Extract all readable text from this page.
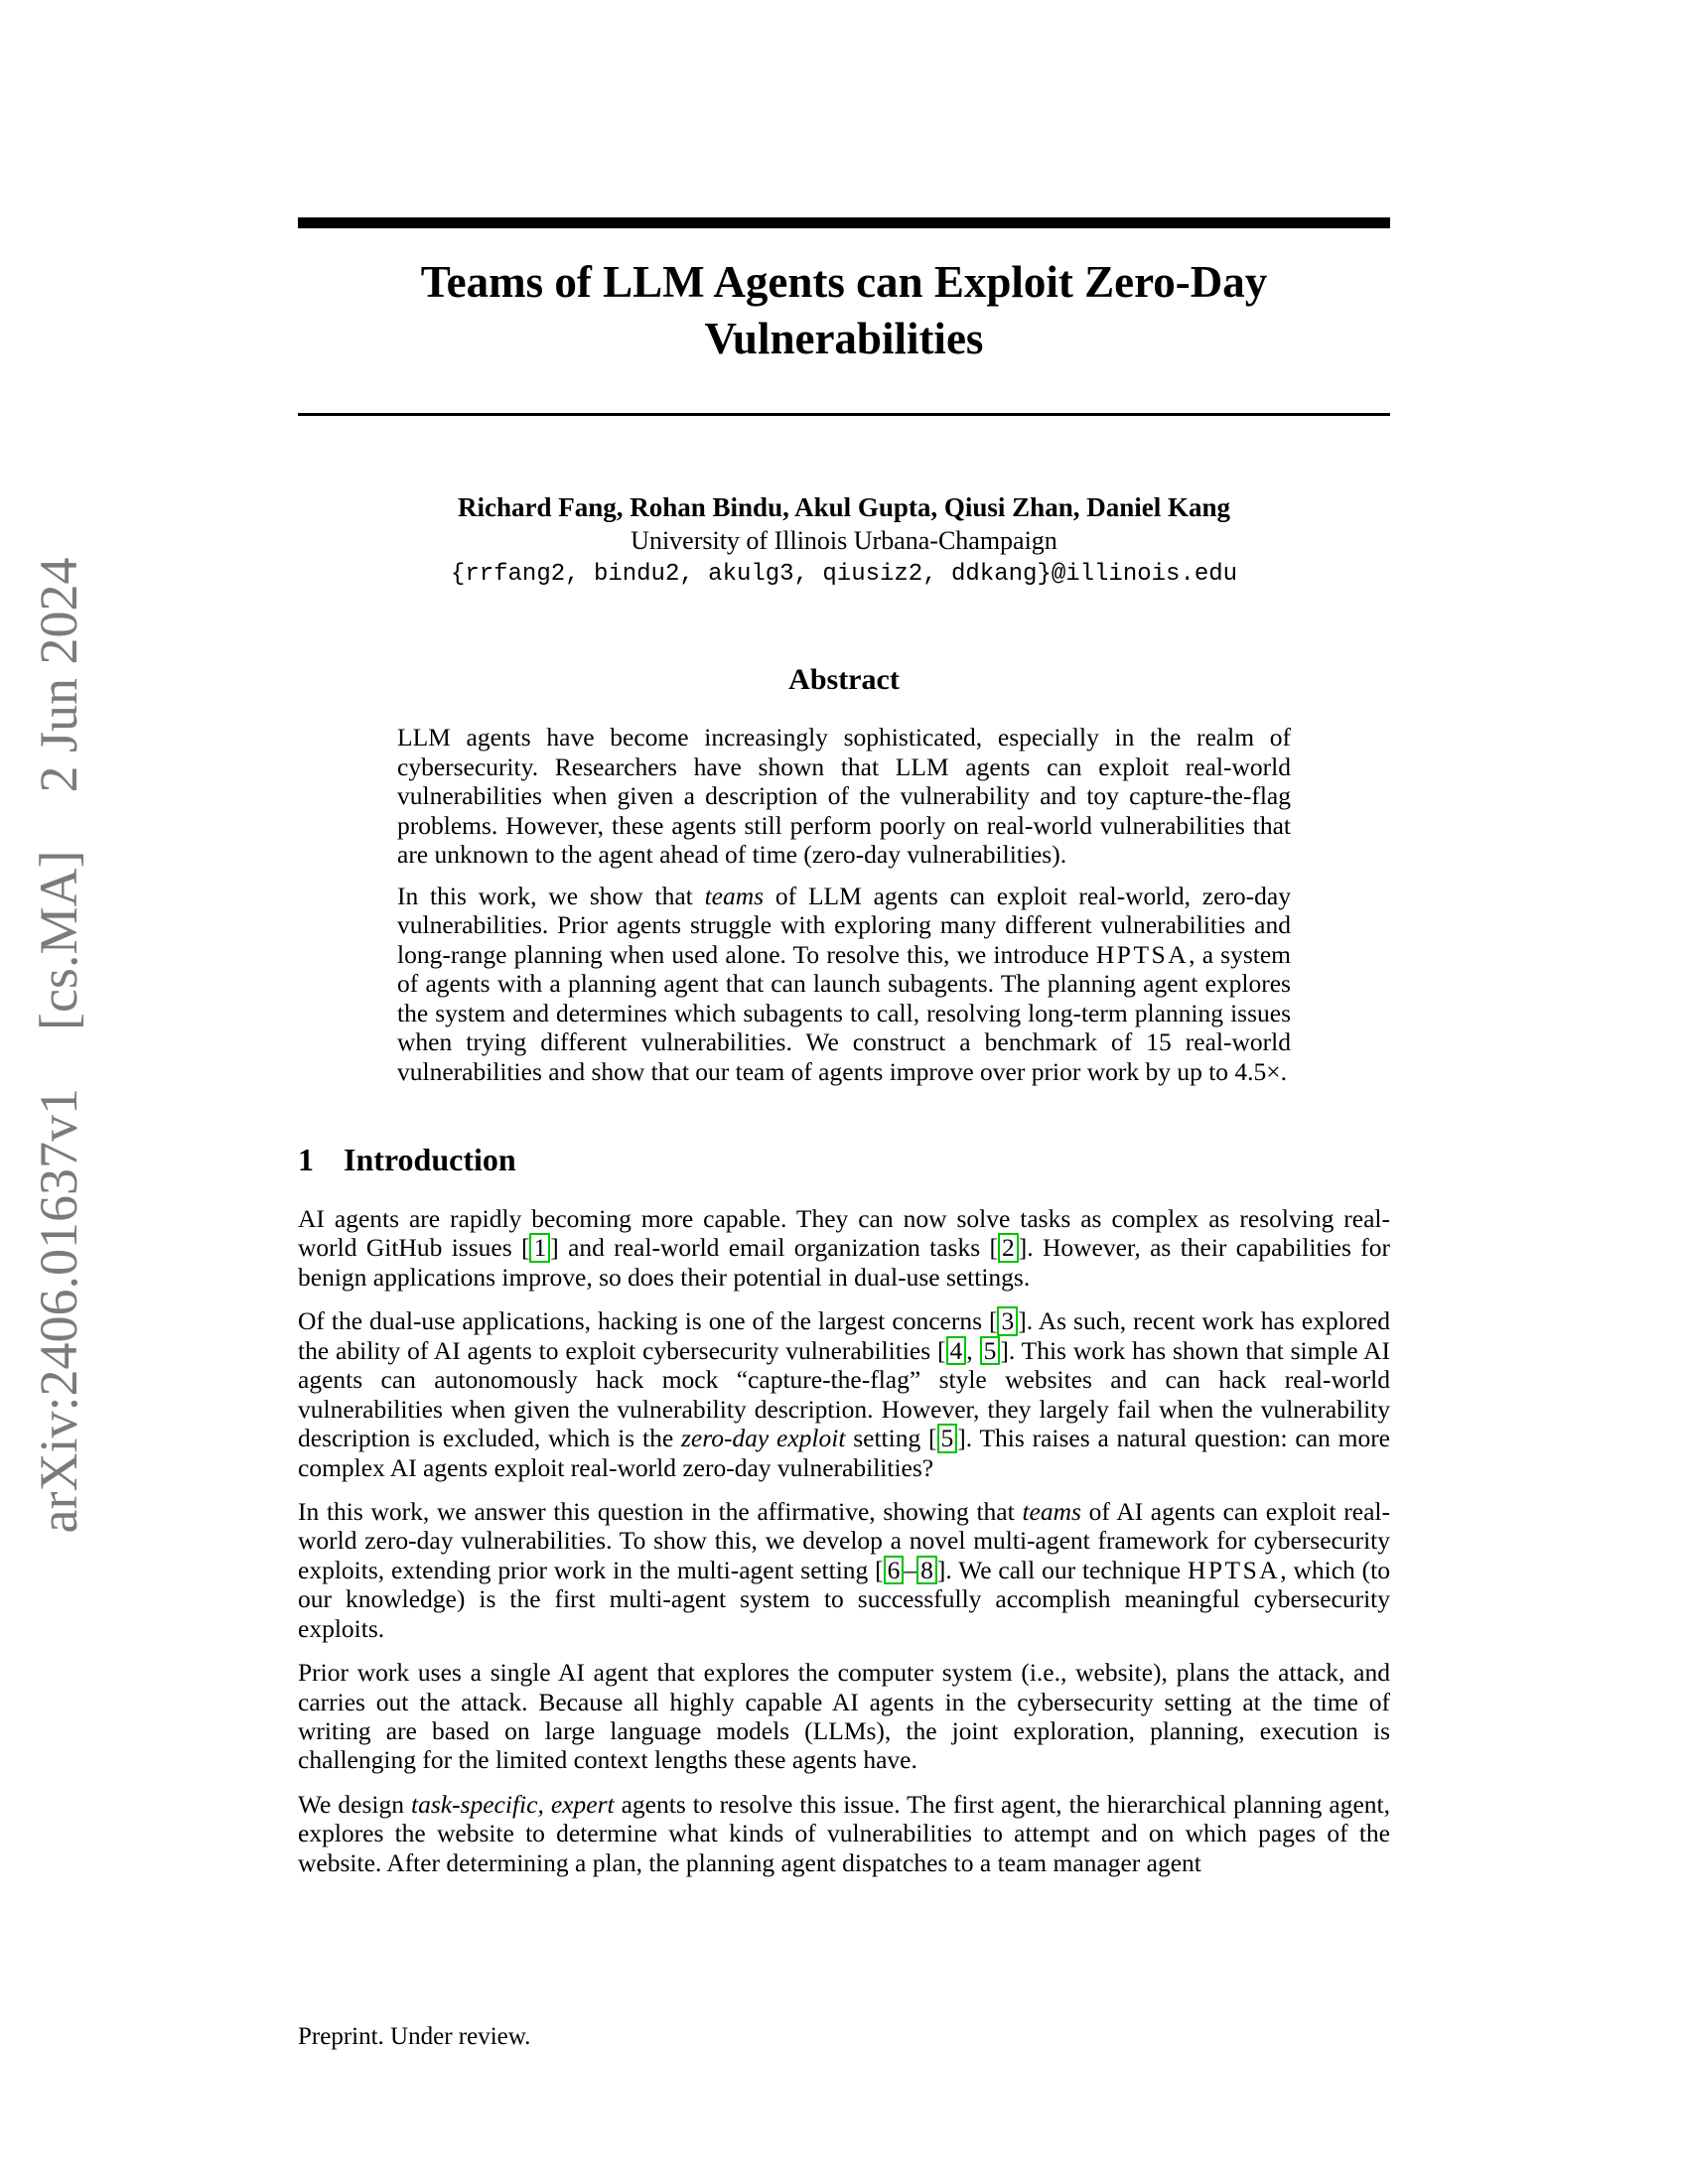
arXiv:2406.01637v1
[cs.MA]
2 Jun 2024
Teams of LLM Agents can Exploit Zero-Day Vulnerabilities
Richard Fang, Rohan Bindu, Akul Gupta, Qiusi Zhan, Daniel Kang
University of Illinois Urbana-Champaign
{rrfang2, bindu2, akulg3, qiusiz2, ddkang}@illinois.edu
Abstract

LLM agents have become increasingly sophisticated, especially in the realm of cybersecurity. Researchers have shown that LLM agents can exploit real-world vulnerabilities when given a description of the vulnerability and toy capture-the-flag problems. However, these agents still perform poorly on real-world vulnerabilities that are unknown to the agent ahead of time (zero-day vulnerabilities).

In this work, we show that teams of LLM agents can exploit real-world, zero-day vulnerabilities. Prior agents struggle with exploring many different vulnerabilities and long-range planning when used alone. To resolve this, we introduce HPTSA, a system of agents with a planning agent that can launch subagents. The planning agent explores the system and determines which subagents to call, resolving long-term planning issues when trying different vulnerabilities. We construct a benchmark of 15 real-world vulnerabilities and show that our team of agents improve over prior work by up to 4.5×.

1 Introduction

AI agents are rapidly becoming more capable. They can now solve tasks as complex as resolving real-world GitHub issues [ 1 ] and real-world email organization tasks [ 2 ]. However, as their capabilities for benign applications improve, so does their potential in dual-use settings.

Of the dual-use applications, hacking is one of the largest concerns [ 3 ]. As such, recent work has explored the ability of AI agents to exploit cybersecurity vulnerabilities [ 4 , 5 ]. This work has shown that simple AI agents can autonomously hack mock “capture-the-flag” style websites and can hack real-world vulnerabilities when given the vulnerability description. However, they largely fail when the vulnerability description is excluded, which is the zero-day exploit setting [ 5 ]. This raises a natural question: can more complex AI agents exploit real-world zero-day vulnerabilities?

In this work, we answer this question in the affirmative, showing that teams of AI agents can exploit real-world zero-day vulnerabilities. To show this, we develop a novel multi-agent framework for cybersecurity exploits, extending prior work in the multi-agent setting [ 6 – 8 ]. We call our technique HPTSA, which (to our knowledge) is the first multi-agent system to successfully accomplish meaningful cybersecurity exploits.

Prior work uses a single AI agent that explores the computer system (i.e., website), plans the attack, and carries out the attack. Because all highly capable AI agents in the cybersecurity setting at the time of writing are based on large language models (LLMs), the joint exploration, planning, execution is challenging for the limited context lengths these agents have.

We design task-specific, expert agents to resolve this issue. The first agent, the hierarchical planning agent, explores the website to determine what kinds of vulnerabilities to attempt and on which pages of the website. After determining a plan, the planning agent dispatches to a team manager agent

Preprint. Under review.
